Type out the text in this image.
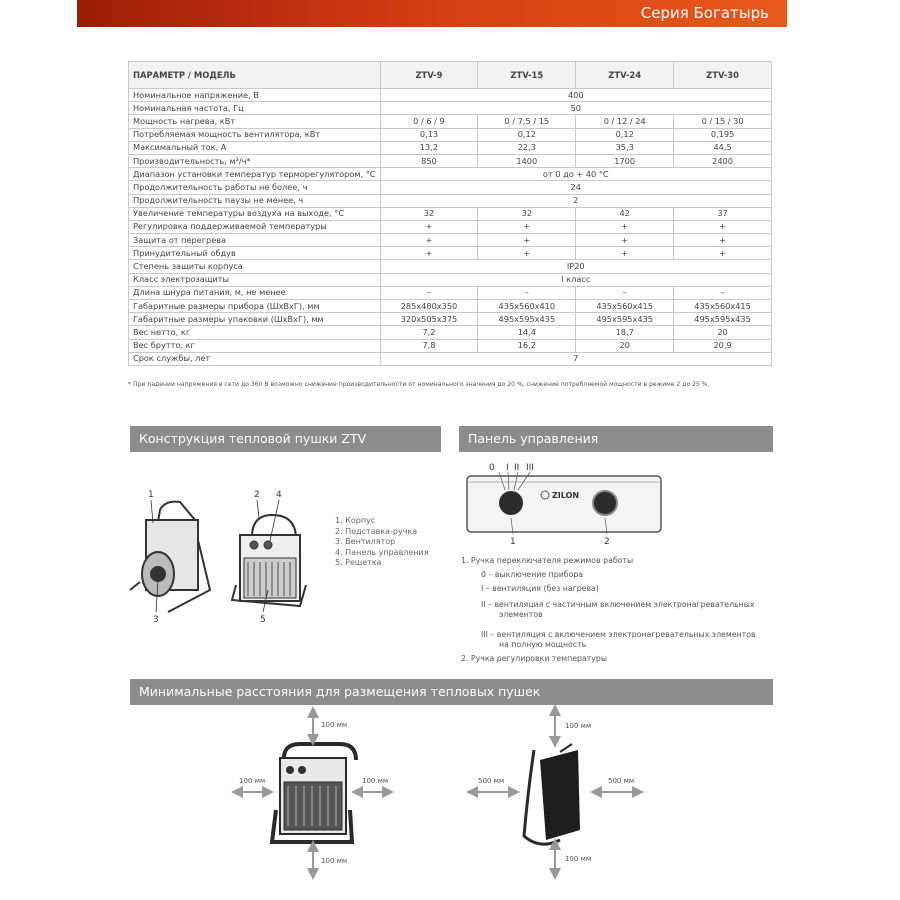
Серия Богатырь
ПАРАМЕТР / МОДЕЛЬ	ZTV-9	ZTV-15	ZTV-24	ZTV-30
Номинальное напряжение, В	400			
Номинальная частота, Гц	50			
Мощность нагрева, кВт	0 / 6 / 9	0 / 7,5 / 15	0 / 12 / 24	0 / 15 / 30
Потребляемая мощность вентилятора, кВт	0,13	0,12	0,12	0,195
Максимальный ток, А	13,2	22,3	35,3	44,5
Производительность, м³/ч*	850	1400	1700	2400
Диапазон установки температур терморегулятором, °С	от 0 до + 40 °С			
Продолжительность работы не более, ч	24			
Продолжительность паузы не менее, ч	2			
Увеличение температуры воздуха на выходе, °С	32	32	42	37
Регулировка поддерживаемой температуры	+	+	+	+
Защита от перегрева	+	+	+	+
Принудительный обдув	+	+	+	+
Степень защиты корпуса	IP20			
Класс электрозащиты	I класс			
Длина шнура питания, м, не менее	–	–	–	–
Габаритные размеры прибора (ШxВxГ), мм	285x480x350	435x560x410	435x560x415	435x560x415
Габаритные размеры упаковки (ШxВxГ), мм	320x505x375	495x595x435	495x595x435	495x595x435
Вес нетто, кг	7,2	14,4	18,7	20
Вес брутто, кг	7,8	16,2	20	20,9
Срок службы, лет	7			
* При падении напряжения в сети до 360 В возможно снижение производительности от номинального значения до 20 %, снижение потребляемой мощности в режиме 2 до 25 %.
Конструкция тепловой пушки ZTV	Панель управления
Минимальные расстояния для размещения тепловых пушек
1. Корпус
2. Подставка-ручка
3. Вентилятор
4. Панель управления
5. Решетка	1. Ручка переключателя режимов работы
0 – выключение прибора
I – вентиляция (без нагрева)
II – вентиляция с частичным включением электронагревательных
элементов
III – вентиляция с включением электронагревательных элементов
на полную мощность
2. Ручка регулировки температуры
1
3
2 4
5
0 I II III
ZILON
1	2
100 мм
100 мм
100 мм	100 мм
100 мм
100 мм
500 мм	500 мм
